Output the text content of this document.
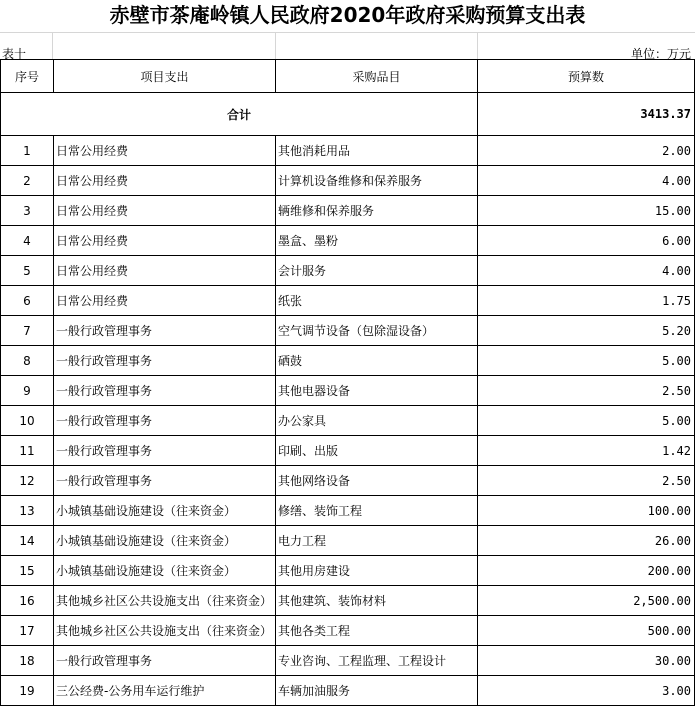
赤壁市茶庵岭镇人民政府2020年政府采购预算支出表
表十	单位：万元
序号	项目支出	采购品目	预算数
合计			3413.37
1	日常公用经费	其他消耗用品	2.00
2	日常公用经费	计算机设备维修和保养服务	4.00
3	日常公用经费	辆维修和保养服务	15.00
4	日常公用经费	墨盒、墨粉	6.00
5	日常公用经费	会计服务	4.00
6	日常公用经费	纸张	1.75
7	一般行政管理事务	空气调节设备（包除湿设备）	5.20
8	一般行政管理事务	硒鼓	5.00
9	一般行政管理事务	其他电器设备	2.50
10	一般行政管理事务	办公家具	5.00
11	一般行政管理事务	印刷、出版	1.42
12	一般行政管理事务	其他网络设备	2.50
13	小城镇基础设施建设（往来资金）	修缮、装饰工程	100.00
14	小城镇基础设施建设（往来资金）	电力工程	26.00
15	小城镇基础设施建设（往来资金）	其他用房建设	200.00
16	其他城乡社区公共设施支出（往来资金）	其他建筑、装饰材料	2,500.00
17	其他城乡社区公共设施支出（往来资金）	其他各类工程	500.00
18	一般行政管理事务	专业咨询、工程监理、工程设计	30.00
19	三公经费-公务用车运行维护	车辆加油服务	3.00
